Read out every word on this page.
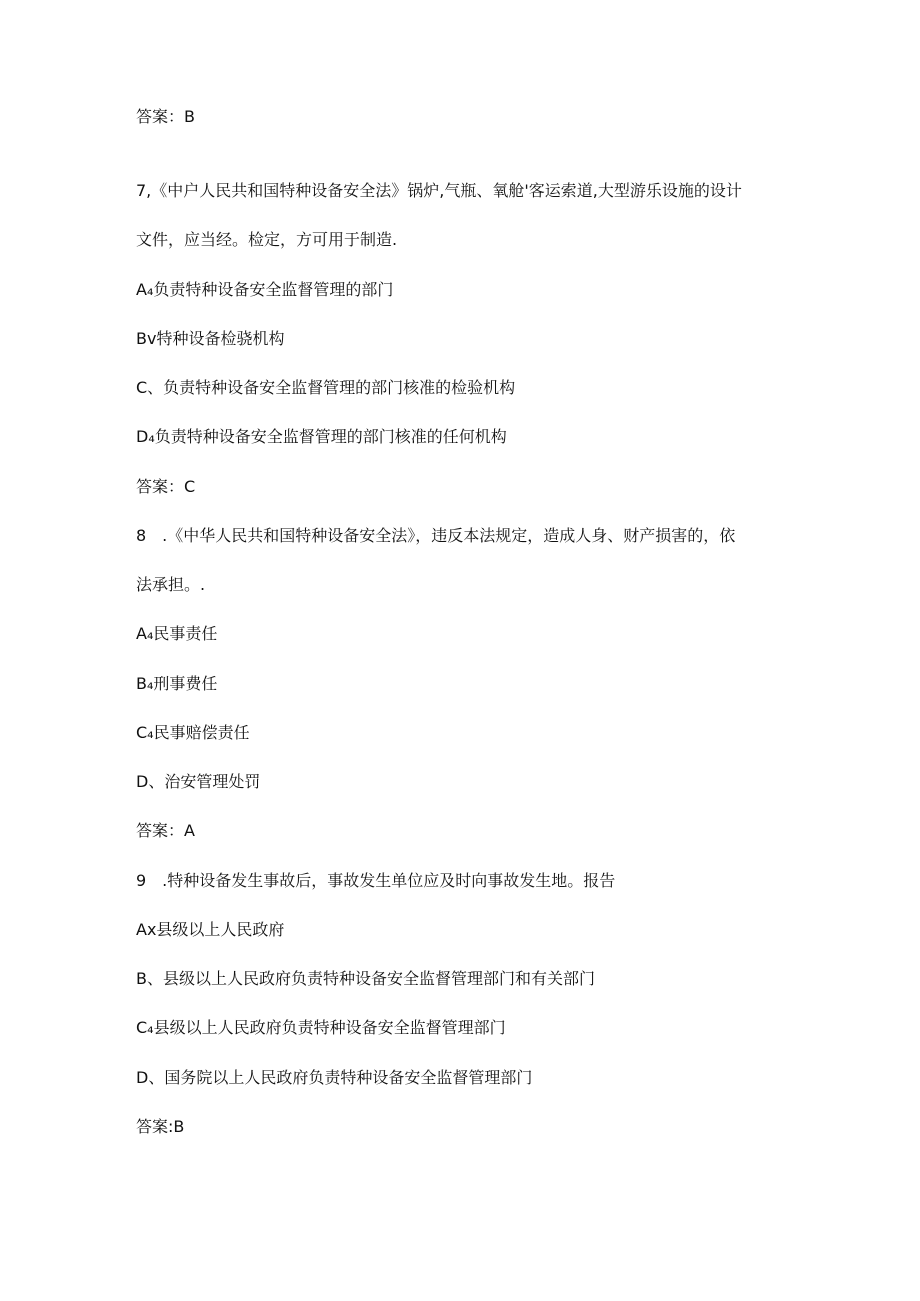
答案：B

7,《中户人民共和国特种设备安全法》锅炉,气瓶、氧舱'客运索道,大型游乐设施的设计

文件，应当经。检定，方可用于制造.

A₄负责特种设备安全监督管理的部门

Bv特种设备检骁机构

C、负责特种设备安全监督管理的部门核准的检验机构

D₄负责特种设备安全监督管理的部门核准的任何机构

答案：C

8　.《中华人民共和国特种设备安全法》，违反本法规定，造成人身、财产损害的，依

法承担。.

A₄民事责任

B₄刑事费任

C₄民事赔偿责任

D、治安管理处罚

答案：A

9　.特种设备发生事故后，事故发生单位应及时向事故发生地。报告

Ax县级以上人民政府

B、县级以上人民政府负责特种设备安全监督管理部门和有关部门

C₄县级以上人民政府负责特种设备安全监督管理部门

D、国务院以上人民政府负责特种设备安全监督管理部门

答案:B
